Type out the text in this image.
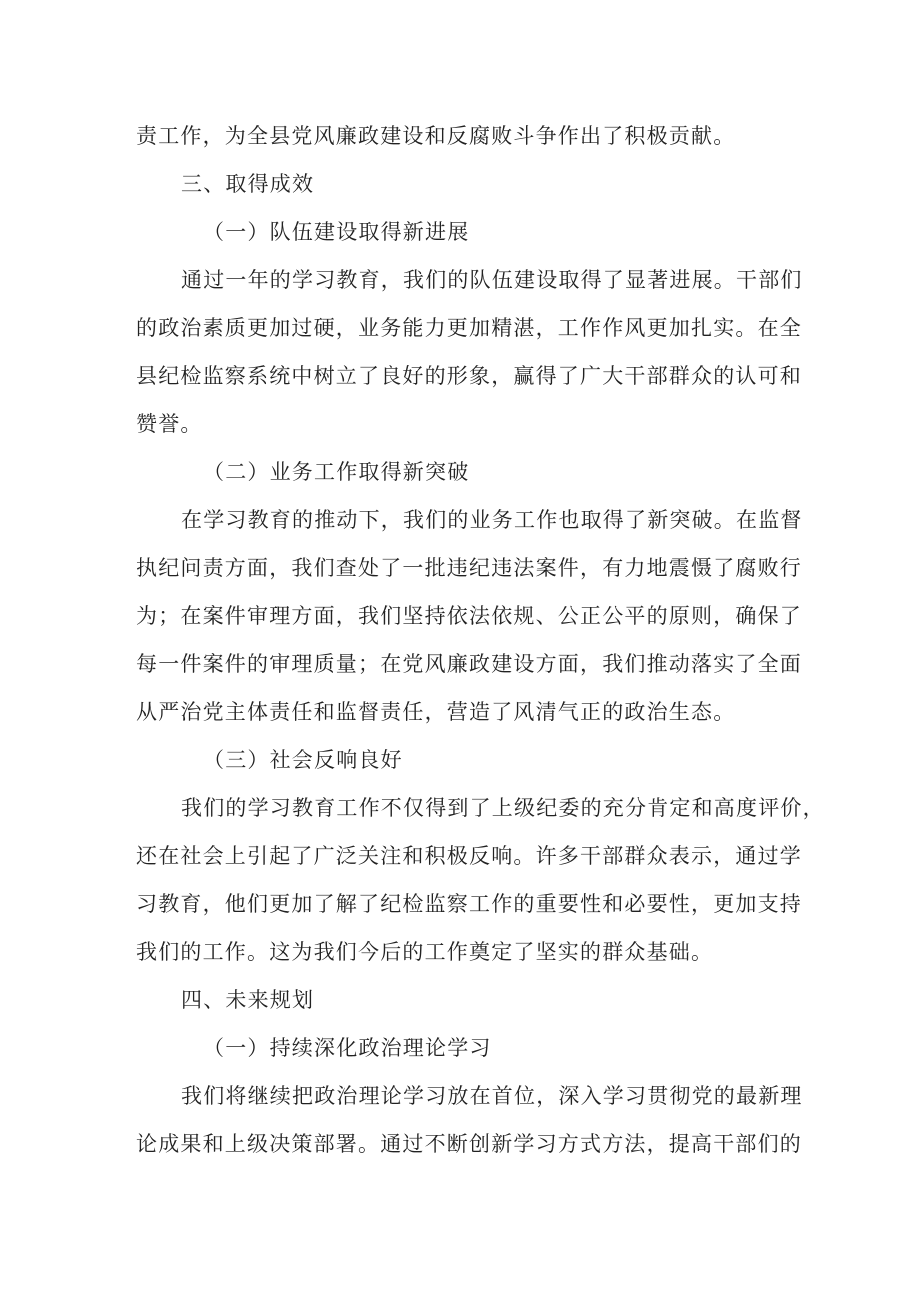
责工作，为全县党风廉政建设和反腐败斗争作出了积极贡献。
三、取得成效
（一）队伍建设取得新进展
通过一年的学习教育，我们的队伍建设取得了显著进展。干部们
的政治素质更加过硬，业务能力更加精湛，工作作风更加扎实。在全
县纪检监察系统中树立了良好的形象，赢得了广大干部群众的认可和
赞誉。
（二）业务工作取得新突破
在学习教育的推动下，我们的业务工作也取得了新突破。在监督
执纪问责方面，我们查处了一批违纪违法案件，有力地震慑了腐败行
为；在案件审理方面，我们坚持依法依规、公正公平的原则，确保了
每一件案件的审理质量；在党风廉政建设方面，我们推动落实了全面
从严治党主体责任和监督责任，营造了风清气正的政治生态。
（三）社会反响良好
我们的学习教育工作不仅得到了上级纪委的充分肯定和高度评价，
还在社会上引起了广泛关注和积极反响。许多干部群众表示，通过学
习教育，他们更加了解了纪检监察工作的重要性和必要性，更加支持
我们的工作。这为我们今后的工作奠定了坚实的群众基础。
四、未来规划
（一）持续深化政治理论学习
我们将继续把政治理论学习放在首位，深入学习贯彻党的最新理
论成果和上级决策部署。通过不断创新学习方式方法，提高干部们的
